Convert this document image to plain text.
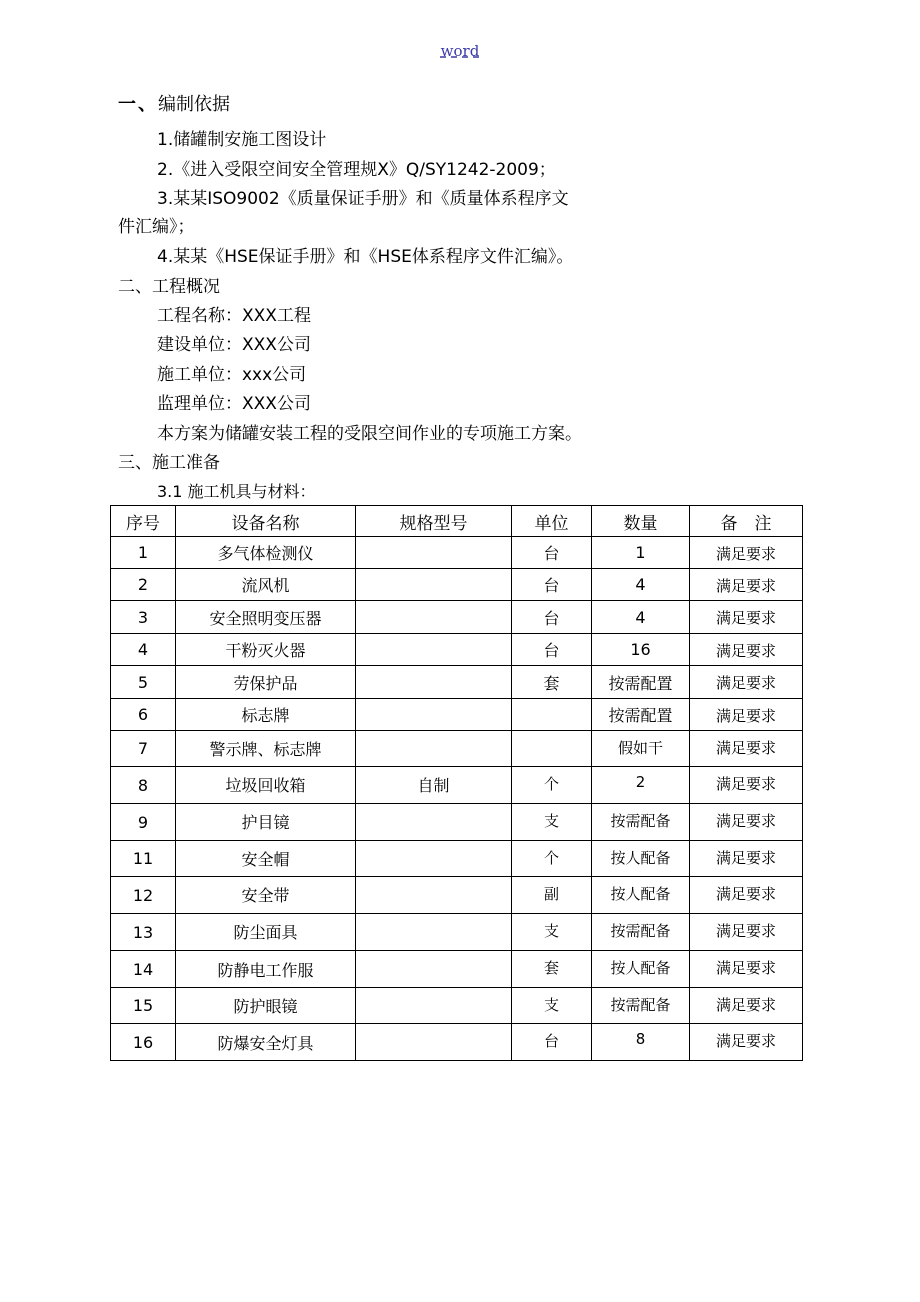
word
一、编制依据
1.储罐制安施工图设计
2.《进入受限空间安全管理规X》Q/SY1242-2009；
3.某某ISO9002《质量保证手册》和《质量体系程序文
件汇编》；
4.某某《HSE保证手册》和《HSE体系程序文件汇编》。
二、工程概况
工程名称：XXX工程
建设单位：XXX公司
施工单位：xxx公司
监理单位：XXX公司
本方案为储罐安装工程的受限空间作业的专项施工方案。
三、施工准备
3.1 施工机具与材料：
序号	设备名称	规格型号	单位	数量	备　注
1	多气体检测仪		台	1	满足要求
2	流风机		台	4	满足要求
3	安全照明变压器		台	4	满足要求
4	干粉灭火器		台	16	满足要求
5	劳保护品		套	按需配置	满足要求
6	标志牌			按需配置	满足要求
7	警示牌、标志牌			假如干	满足要求
8	垃圾回收箱	自制	个	2	满足要求
9	护目镜		支	按需配备	满足要求
11	安全帽		个	按人配备	满足要求
12	安全带		副	按人配备	满足要求
13	防尘面具		支	按需配备	满足要求
14	防静电工作服		套	按人配备	满足要求
15	防护眼镜		支	按需配备	满足要求
16	防爆安全灯具		台	8	满足要求
